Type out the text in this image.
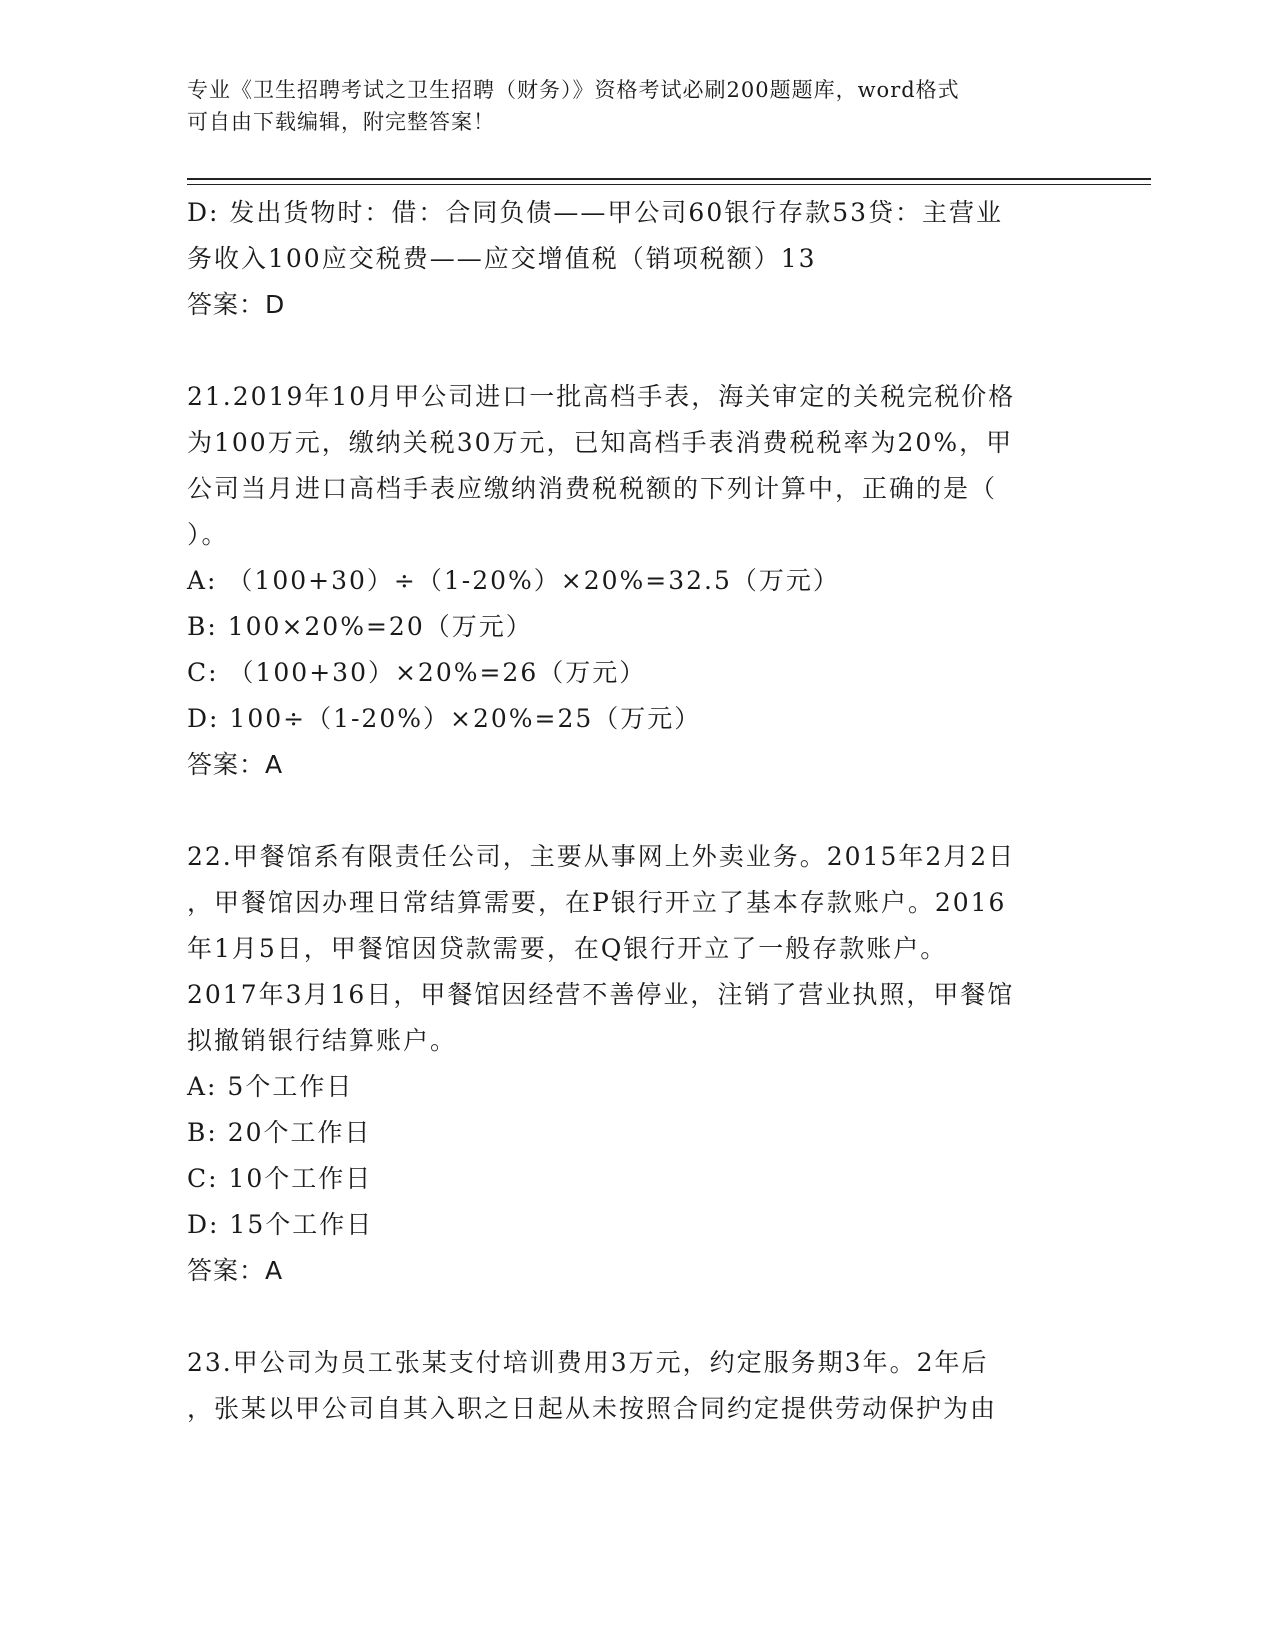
专业《卫生招聘考试之卫生招聘（财务）》资格考试必刷200题题库，word格式
可自由下载编辑，附完整答案！
D: 发出货物时：借：合同负债——甲公司60银行存款53贷：主营业
务收入100应交税费——应交增值税（销项税额）13
答案：D
21.2019年10月甲公司进口一批高档手表，海关审定的关税完税价格
为100万元，缴纳关税30万元，已知高档手表消费税税率为20%，甲
公司当月进口高档手表应缴纳消费税税额的下列计算中，正确的是（
）。
A: （100+30）÷（1-20%）×20%=32.5（万元）
B: 100×20%=20（万元）
C: （100+30）×20%=26（万元）
D: 100÷（1-20%）×20%=25（万元）
答案：A
22.甲餐馆系有限责任公司，主要从事网上外卖业务。2015年2月2日
，甲餐馆因办理日常结算需要，在P银行开立了基本存款账户。2016
年1月5日，甲餐馆因贷款需要，在Q银行开立了一般存款账户。
2017年3月16日，甲餐馆因经营不善停业，注销了营业执照，甲餐馆
拟撤销银行结算账户。
A: 5个工作日
B: 20个工作日
C: 10个工作日
D: 15个工作日
答案：A
23.甲公司为员工张某支付培训费用3万元，约定服务期3年。2年后
，张某以甲公司自其入职之日起从未按照合同约定提供劳动保护为由
